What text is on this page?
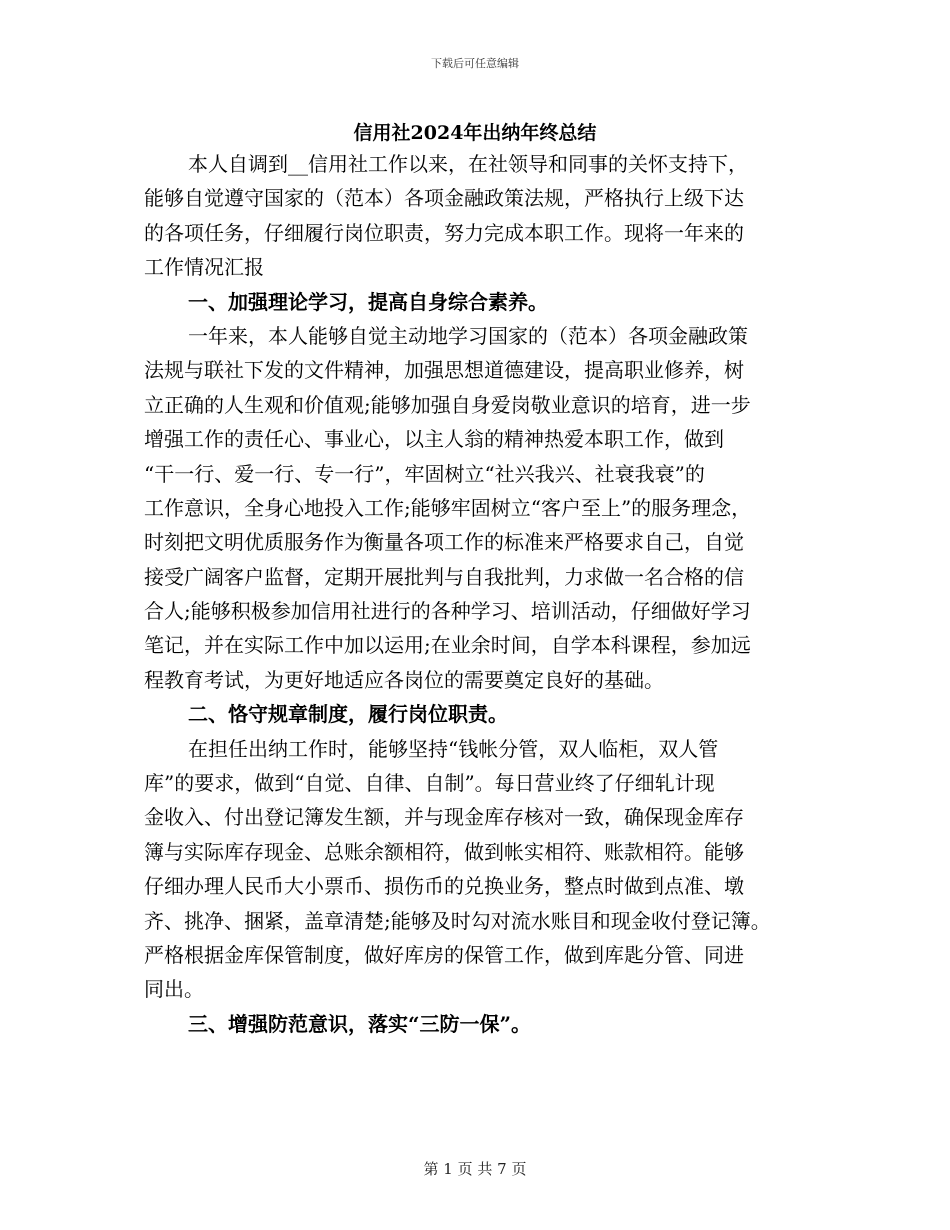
下载后可任意编辑
信用社2024年出纳年终总结
本人自调到__信用社工作以来，在社领导和同事的关怀支持下，
能够自觉遵守国家的（范本）各项金融政策法规，严格执行上级下达
的各项任务，仔细履行岗位职责，努力完成本职工作。现将一年来的
工作情况汇报
一、加强理论学习，提高自身综合素养。
一年来，本人能够自觉主动地学习国家的（范本）各项金融政策
法规与联社下发的文件精神，加强思想道德建设，提高职业修养，树
立正确的人生观和价值观;能够加强自身爱岗敬业意识的培育，进一步
增强工作的责任心、事业心，以主人翁的精神热爱本职工作，做到
“干一行、爱一行、专一行”，牢固树立“社兴我兴、社衰我衰”的
工作意识，全身心地投入工作;能够牢固树立“客户至上”的服务理念，
时刻把文明优质服务作为衡量各项工作的标准来严格要求自己，自觉
接受广阔客户监督，定期开展批判与自我批判，力求做一名合格的信
合人;能够积极参加信用社进行的各种学习、培训活动，仔细做好学习
笔记，并在实际工作中加以运用;在业余时间，自学本科课程，参加远
程教育考试，为更好地适应各岗位的需要奠定良好的基础。
二、恪守规章制度，履行岗位职责。
在担任出纳工作时，能够坚持“钱帐分管，双人临柜，双人管
库”的要求，做到“自觉、自律、自制”。每日营业终了仔细轧计现
金收入、付出登记簿发生额，并与现金库存核对一致，确保现金库存
簿与实际库存现金、总账余额相符，做到帐实相符、账款相符。能够
仔细办理人民币大小票币、损伤币的兑换业务，整点时做到点准、墩
齐、挑净、捆紧，盖章清楚;能够及时勾对流水账目和现金收付登记簿。
严格根据金库保管制度，做好库房的保管工作，做到库匙分管、同进
同出。
三、增强防范意识，落实“三防一保”。
第 1 页 共 7 页
